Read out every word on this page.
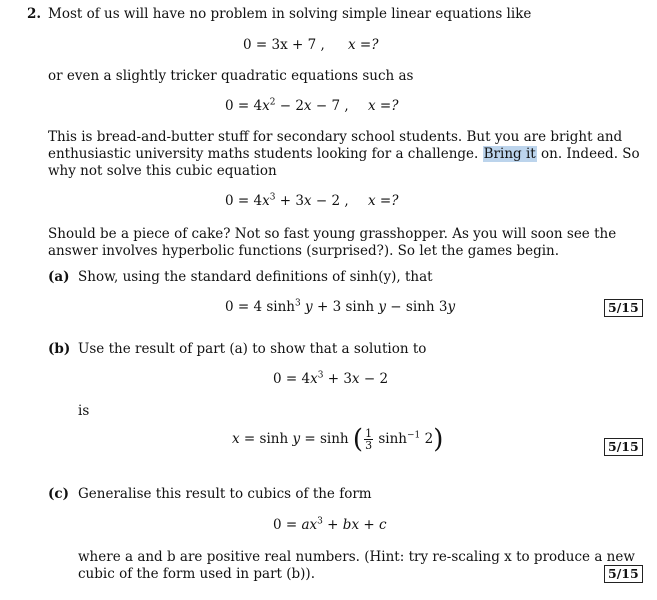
2. Most of us will have no problem in solving simple linear equations like
0 = 3x + 7 , x =?
or even a slightly tricker quadratic equations such as
$0 = 4x^2 - 2x - 7$ , x =?
This is bread-and-butter stuff for secondary school students. But you are bright and
enthusiastic university maths students looking for a challenge. Bring it on. Indeed. So
why not solve this cubic equation
$0 = 4x^3 + 3x - 2$ , x =?
Should be a piece of cake? Not so fast young grasshopper. As you will soon see the
answer involves hyperbolic functions (surprised?). So let the games begin.
(a) Show, using the standard definitions of sinh(y), that
0 = 4 $\sinh^3 y + 3$ sinh y − sinh 3y	5/15
(b) Use the result of part (a) to show that a solution to
$0 = 4x^3 + 3x - 2$
is
x = sinh y = sinh ( $\frac{1}{3} \sinh^{-1} 2$)	5/15
(c) Generalise this result to cubics of the form
$0 = ax^3$ + bx + c
where a and b are positive real numbers. (Hint: try re-scaling x to produce a new
cubic of the form used in part (b)).	5/15
